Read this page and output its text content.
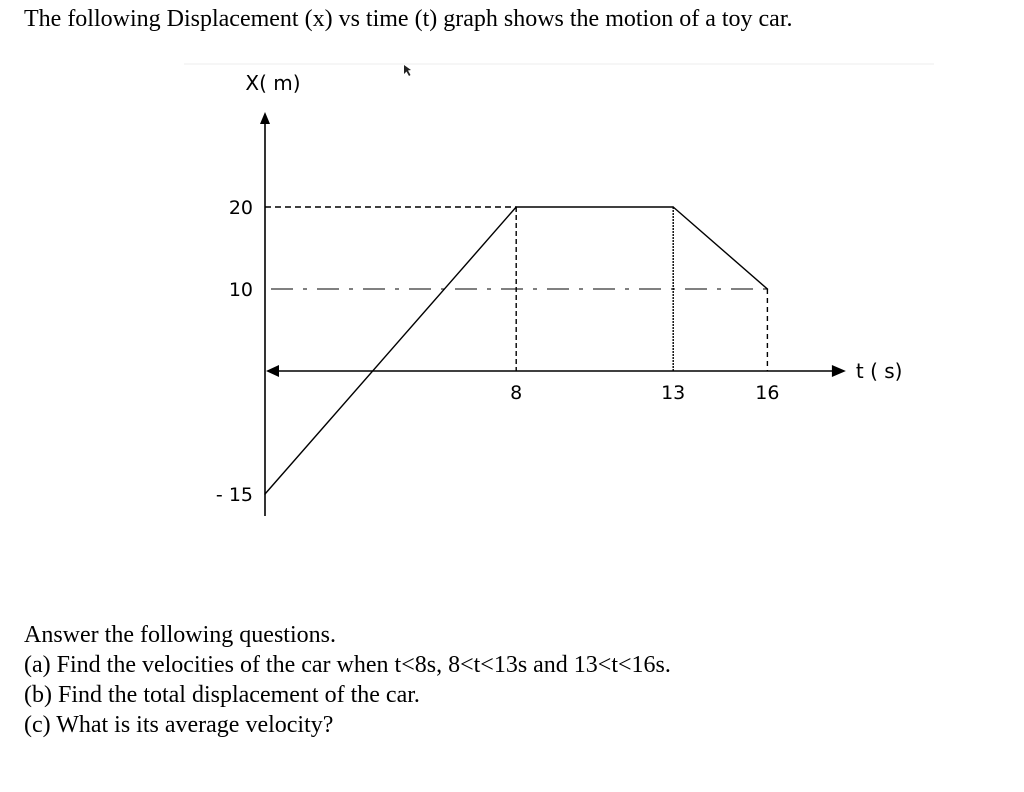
The following Displacement (x) vs time (t) graph shows the motion of a toy car.
8	13	16
20
10
- 15
X( m)
t ( s)
Answer the following questions.
(a) Find the velocities of the car when t<8s, 8<t<13s and 13<t<16s.
(b) Find the total displacement of the car.
(c) What is its average velocity?
